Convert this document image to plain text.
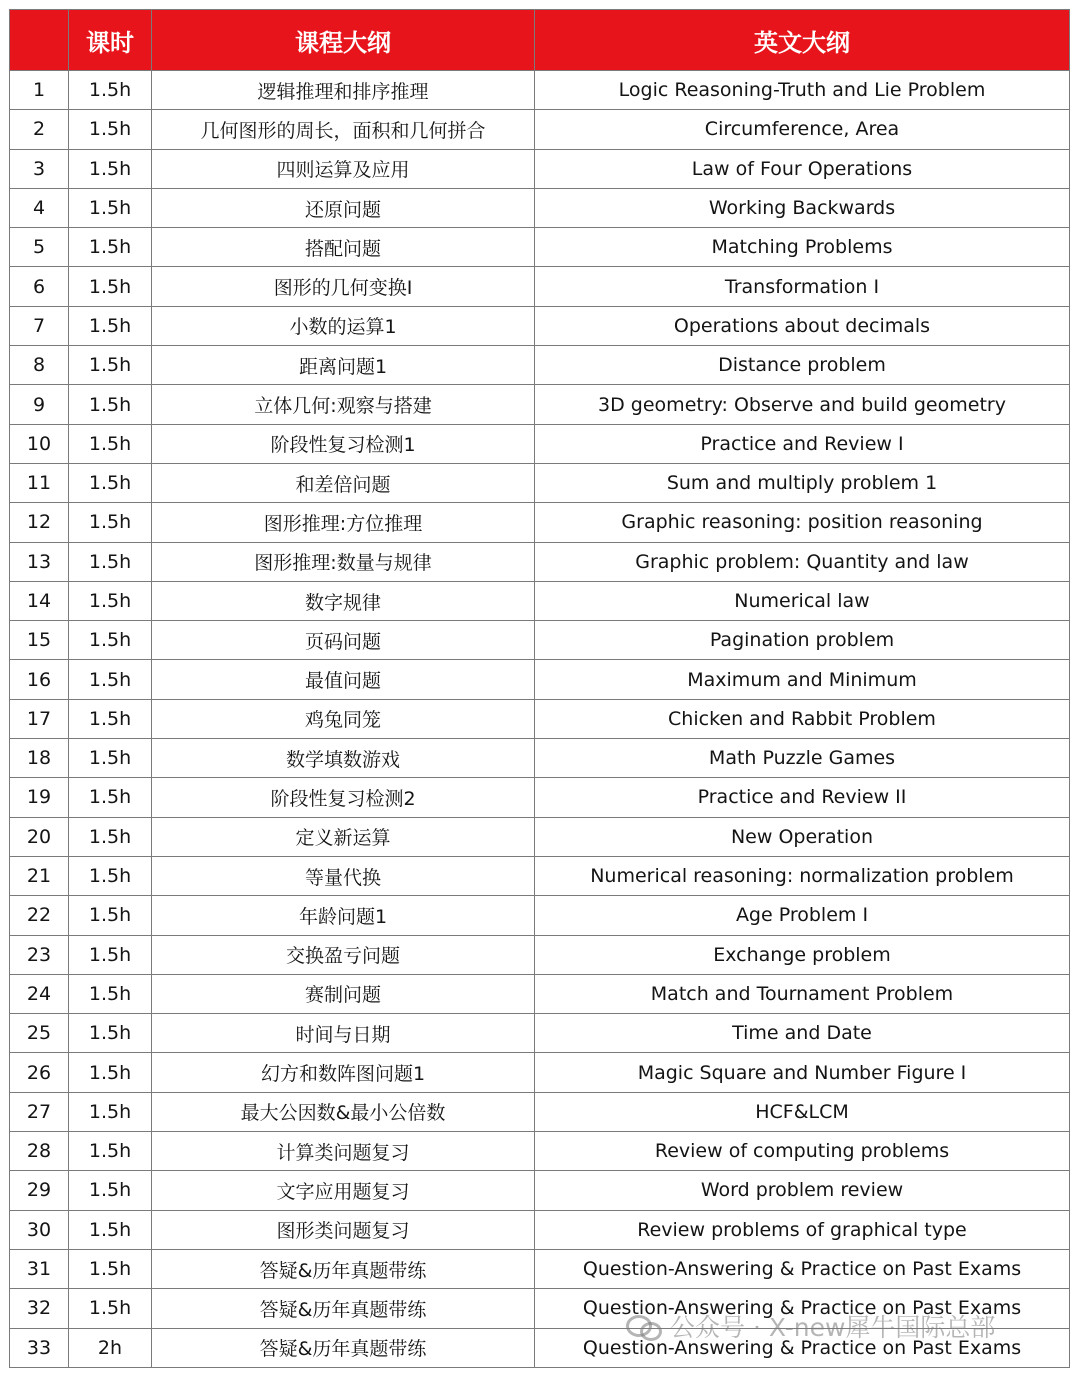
	课时	课程大纲	英文大纲
1	1.5h	逻辑推理和排序推理	Logic Reasoning-Truth and Lie Problem
2	1.5h	几何图形的周长，面积和几何拼合	Circumference, Area
3	1.5h	四则运算及应用	Law of Four Operations
4	1.5h	还原问题	Working Backwards
5	1.5h	搭配问题	Matching Problems
6	1.5h	图形的几何变换I	Transformation I
7	1.5h	小数的运算1	Operations about decimals
8	1.5h	距离问题1	Distance problem
9	1.5h	立体几何:观察与搭建	3D geometry: Observe and build geometry
10	1.5h	阶段性复习检测1	Practice and Review I
11	1.5h	和差倍问题	Sum and multiply problem 1
12	1.5h	图形推理:方位推理	Graphic reasoning: position reasoning
13	1.5h	图形推理:数量与规律	Graphic problem: Quantity and law
14	1.5h	数字规律	Numerical law
15	1.5h	页码问题	Pagination problem
16	1.5h	最值问题	Maximum and Minimum
17	1.5h	鸡兔同笼	Chicken and Rabbit Problem
18	1.5h	数学填数游戏	Math Puzzle Games
19	1.5h	阶段性复习检测2	Practice and Review II
20	1.5h	定义新运算	New Operation
21	1.5h	等量代换	Numerical reasoning: normalization problem
22	1.5h	年龄问题1	Age Problem I
23	1.5h	交换盈亏问题	Exchange problem
24	1.5h	赛制问题	Match and Tournament Problem
25	1.5h	时间与日期	Time and Date
26	1.5h	幻方和数阵图问题1	Magic Square and Number Figure I
27	1.5h	最大公因数&最小公倍数	HCF&LCM
28	1.5h	计算类问题复习	Review of computing problems
29	1.5h	文字应用题复习	Word problem review
30	1.5h	图形类问题复习	Review problems of graphical type
31	1.5h	答疑&历年真题带练	Question-Answering & Practice on Past Exams
32	1.5h	答疑&历年真题带练	Question-Answering & Practice on Past Exams
33	2h	答疑&历年真题带练	Question-Answering & Practice on Past Exams
公众号 · X-new犀牛国际总部
